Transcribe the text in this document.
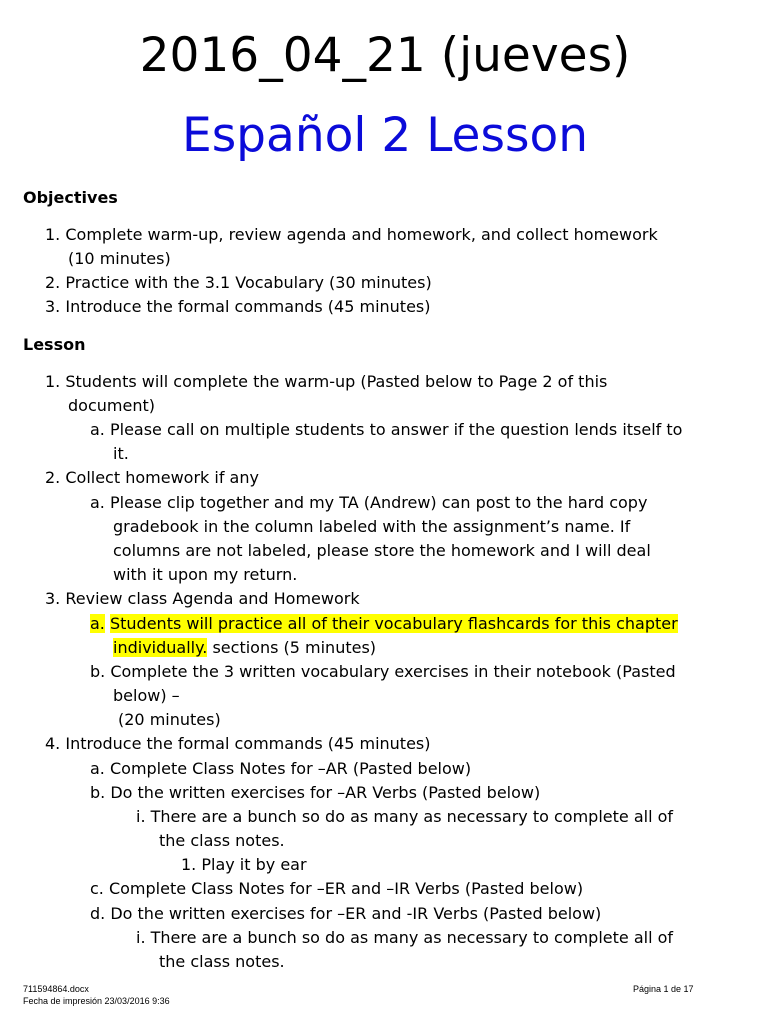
2016_04_21 (jueves)
Español 2 Lesson
Objectives
1. Complete warm-up, review agenda and homework, and collect homework
(10 minutes)
2. Practice with the 3.1 Vocabulary (30 minutes)
3. Introduce the formal commands (45 minutes)
Lesson
1. Students will complete the warm-up (Pasted below to Page 2 of this
document)
a. Please call on multiple students to answer if the question lends itself to
it.
2. Collect homework if any
a. Please clip together and my TA (Andrew) can post to the hard copy
gradebook in the column labeled with the assignment’s name. If
columns are not labeled, please store the homework and I will deal
with it upon my return.
3. Review class Agenda and Homework
a. Students will practice all of their vocabulary flashcards for this chapter
individually. sections (5 minutes)
b. Complete the 3 written vocabulary exercises in their notebook (Pasted
below) –
(20 minutes)
4. Introduce the formal commands (45 minutes)
a. Complete Class Notes for –AR (Pasted below)
b. Do the written exercises for –AR Verbs (Pasted below)
i. There are a bunch so do as many as necessary to complete all of
the class notes.
1. Play it by ear
c. Complete Class Notes for –ER and –IR Verbs (Pasted below)
d. Do the written exercises for –ER and -IR Verbs (Pasted below)
i. There are a bunch so do as many as necessary to complete all of
the class notes.
711594864.docx
Fecha de impresión 23/03/2016 9:36
Página 1 de 17
